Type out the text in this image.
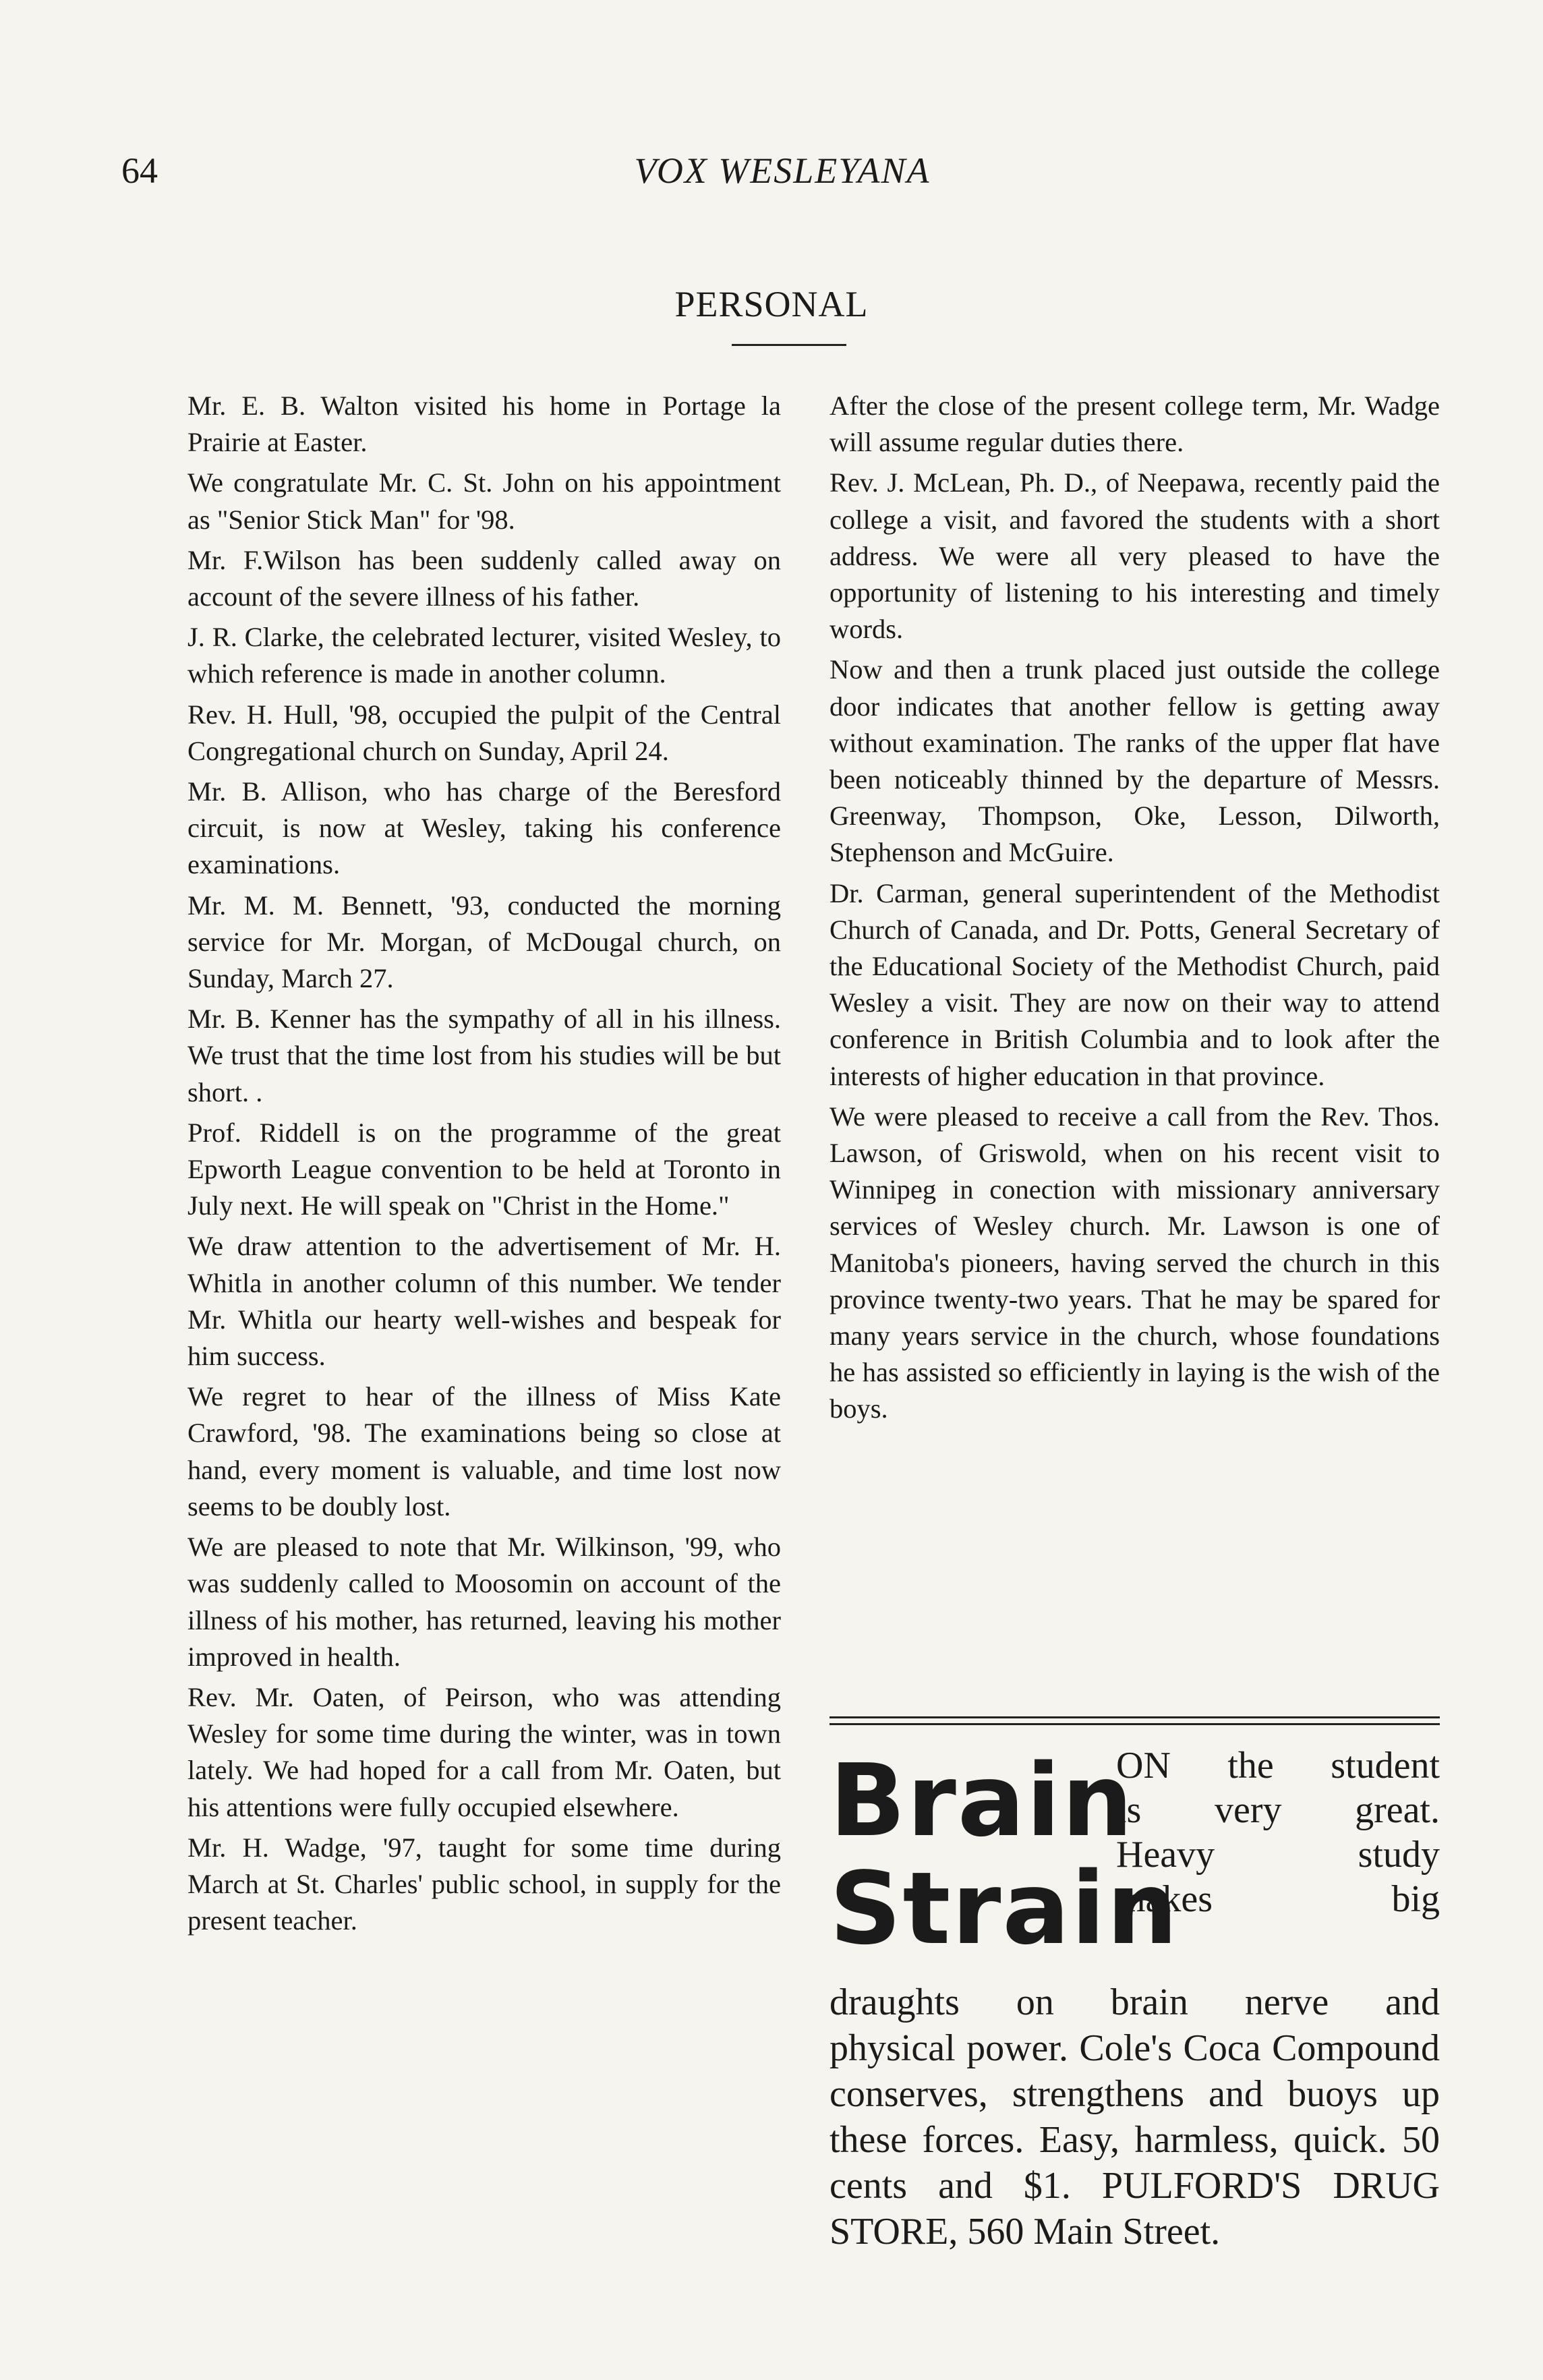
64	VOX WESLEYANA
PERSONAL

Mr. E. B. Walton visited his home in Portage la Prairie at Easter.

We congratulate Mr. C. St. John on his appointment as "Senior Stick Man" for '98.

Mr. F.Wilson has been suddenly called away on account of the severe illness of his father.

J. R. Clarke, the celebrated lecturer, visited Wesley, to which reference is made in another column.

Rev. H. Hull, '98, occupied the pulpit of the Central Congregational church on Sunday, April 24.

Mr. B. Allison, who has charge of the Beresford circuit, is now at Wesley, taking his conference examinations.

Mr. M. M. Bennett, '93, conducted the morning service for Mr. Morgan, of McDougal church, on Sunday, March 27.

Mr. B. Kenner has the sympathy of all in his illness. We trust that the time lost from his studies will be but short. .

Prof. Riddell is on the programme of the great Epworth League convention to be held at Toronto in July next. He will speak on "Christ in the Home."

We draw attention to the advertisement of Mr. H. Whitla in another column of this number. We tender Mr. Whitla our hearty well-wishes and bespeak for him success.

We regret to hear of the illness of Miss Kate Crawford, '98. The examinations being so close at hand, every moment is valuable, and time lost now seems to be doubly lost.

We are pleased to note that Mr. Wilkinson, '99, who was suddenly called to Moosomin on account of the illness of his mother, has returned, leaving his mother improved in health.

Rev. Mr. Oaten, of Peirson, who was attending Wesley for some time during the winter, was in town lately. We had hoped for a call from Mr. Oaten, but his attentions were fully occupied elsewhere.

Mr. H. Wadge, '97, taught for some time during March at St. Charles' public school, in supply for the present teacher.

After the close of the present college term, Mr. Wadge will assume regular duties there.

Rev. J. McLean, Ph. D., of Neepawa, recently paid the college a visit, and favored the students with a short address. We were all very pleased to have the opportunity of listening to his interesting and timely words.

Now and then a trunk placed just outside the college door indicates that another fellow is getting away without examination. The ranks of the upper flat have been noticeably thinned by the departure of Messrs. Greenway, Thompson, Oke, Lesson, Dilworth, Stephenson and McGuire.

Dr. Carman, general superintendent of the Methodist Church of Canada, and Dr. Potts, General Secretary of the Educational Society of the Methodist Church, paid Wesley a visit. They are now on their way to attend conference in British Columbia and to look after the interests of higher education in that province.

We were pleased to receive a call from the Rev. Thos. Lawson, of Griswold, when on his recent visit to Winnipeg in conection with missionary anniversary services of Wesley church. Mr. Lawson is one of Manitoba's pioneers, having served the church in this province twenty-two years. That he may be spared for many years service in the church, whose foundations he has assisted so efficiently in laying is the wish of the boys.

Brain
Strain
ON the student
is very great.
Heavy study
makes big
draughts on brain nerve and
physical power. Cole's Coca Compound conserves, strengthens and buoys up these forces. Easy, harmless, quick. 50 cents and $1. PULFORD'S DRUG STORE, 560 Main Street.
